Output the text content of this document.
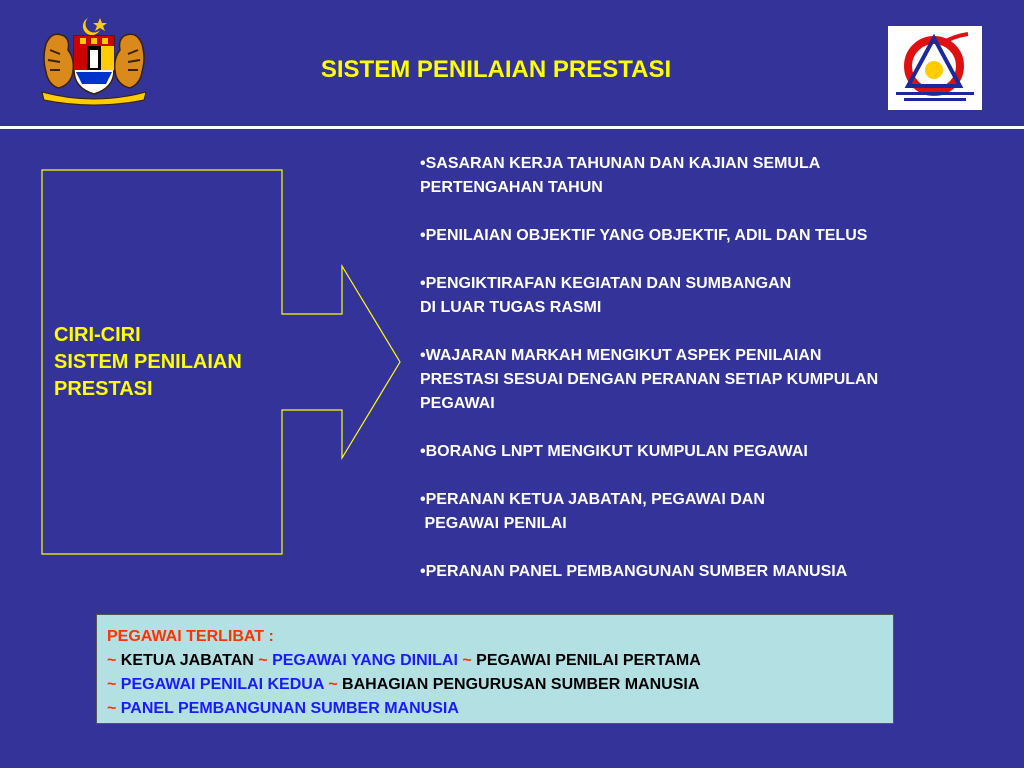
SISTEM PENILAIAN PRESTASI
CIRI-CIRI
SISTEM PENILAIAN
PRESTASI
•SASARAN KERJA TAHUNAN DAN KAJIAN SEMULA
PERTENGAHAN TAHUN
•PENILAIAN OBJEKTIF YANG OBJEKTIF, ADIL DAN TELUS
•PENGIKTIRAFAN KEGIATAN DAN SUMBANGAN
DI LUAR TUGAS RASMI
•WAJARAN MARKAH MENGIKUT ASPEK PENILAIAN
PRESTASI SESUAI DENGAN PERANAN SETIAP KUMPULAN
PEGAWAI
•BORANG LNPT MENGIKUT KUMPULAN PEGAWAI
•PERANAN KETUA JABATAN, PEGAWAI DAN
PEGAWAI PENILAI
•PERANAN PANEL PEMBANGUNAN SUMBER MANUSIA
PEGAWAI TERLIBAT :
~ KETUA JABATAN ~ PEGAWAI YANG DINILAI ~ PEGAWAI PENILAI PERTAMA
~ PEGAWAI PENILAI KEDUA ~ BAHAGIAN PENGURUSAN SUMBER MANUSIA
~ PANEL PEMBANGUNAN SUMBER MANUSIA
